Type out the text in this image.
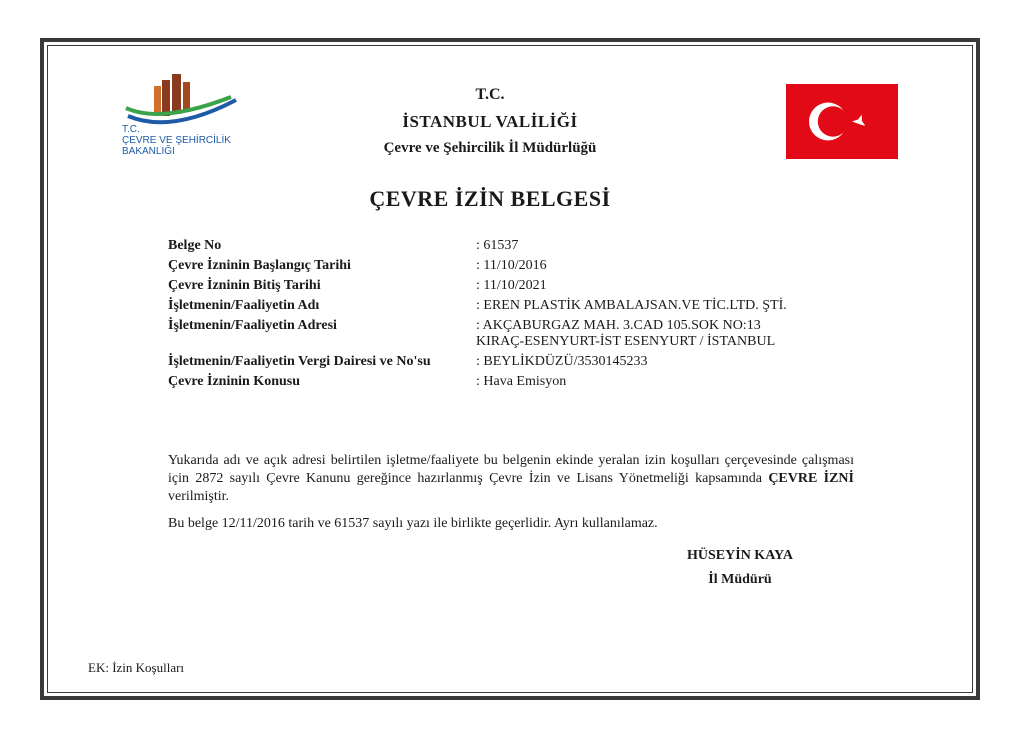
T.C.
ÇEVRE VE ŞEHİRCİLİK
BAKANLIĞI
T.C.
İSTANBUL VALİLİĞİ
Çevre ve Şehircilik İl Müdürlüğü
ÇEVRE İZİN BELGESİ
Belge No	: 61537
Çevre İzninin Başlangıç Tarihi	: 11/10/2016
Çevre İzninin Bitiş Tarihi	: 11/10/2021
İşletmenin/Faaliyetin Adı	: EREN PLASTİK AMBALAJSAN.VE TİC.LTD. ŞTİ.
İşletmenin/Faaliyetin Adresi	: AKÇABURGAZ MAH. 3.CAD 105.SOK NO:13
KIRAÇ-ESENYURT-İST ESENYURT / İSTANBUL
İşletmenin/Faaliyetin Vergi Dairesi ve No'su	: BEYLİKDÜZÜ/3530145233
Çevre İzninin Konusu	: Hava Emisyon
Yukarıda adı ve açık adresi belirtilen işletme/faaliyete bu belgenin ekinde yeralan izin koşulları çerçevesinde çalışması için 2872 sayılı Çevre Kanunu gereğince hazırlanmış Çevre İzin ve Lisans Yönetmeliği kapsamında ÇEVRE İZNİ verilmiştir.
Bu belge 12/11/2016 tarih ve 61537 sayılı yazı ile birlikte geçerlidir. Ayrı kullanılamaz.
HÜSEYİN KAYA
İl Müdürü
EK: İzin Koşulları
